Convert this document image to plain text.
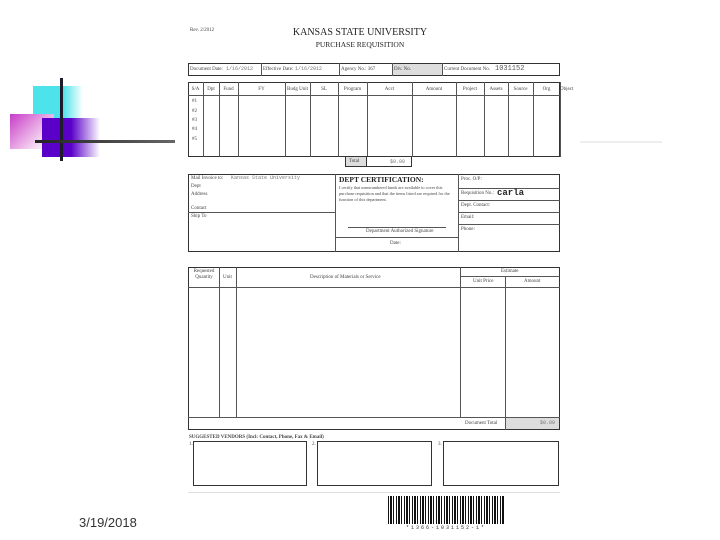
3/19/2018
Rev. 2/2012	KANSAS STATE UNIVERSITY
PURCHASE REQUISITION
Document Date: 1/16/2012 Effective Date: 1/16/2012	Agency No.: 367	Div. No.	Current Document No. 1031152
S/A	Dpt	Fund	FY	Budg Unit	SL	Program	Acct	Amount	Project	Assets	Source	Org	Object
#1
#2
#3
#4
#5
Total	$0.00
Mail Invoice to: Kansas State University
Dept
Address
Contact
Ship To
DEPT CERTIFICATION:
I certify that unencumbered funds are available to cover this purchase requisition and that the items listed are required for the function of this department.
Department Authorized Signature
Date:
Proc. O/P:
Requisition No.: carla
Dept. Contact:
Email:
Phone:
Requested Quantity	Unit	Description of Materials or Service
Estimate
Unit Price	Amount
Document Total	$0.00
SUGGESTED VENDORS (Incl: Contact, Phone, Fax & Email)
1.	2.	3.
*1366-1031152-1*
